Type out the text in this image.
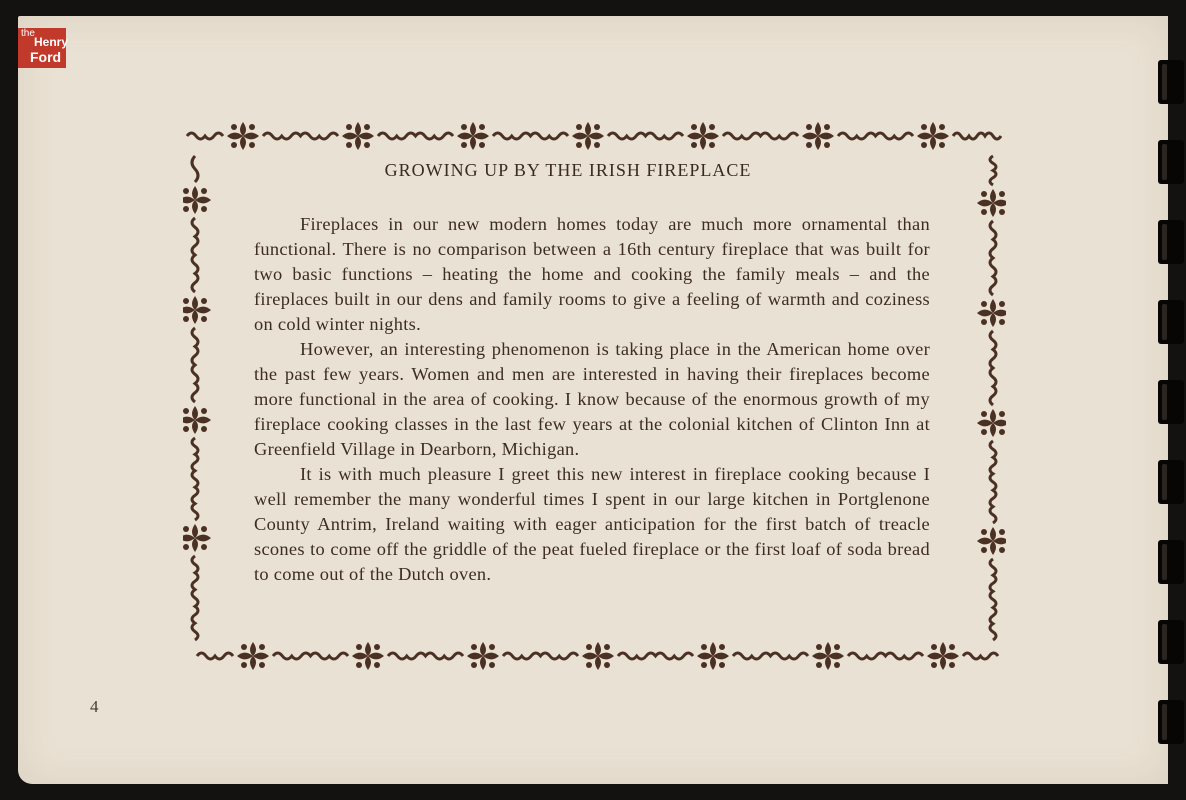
the
Henry
Ford
GROWING UP BY THE IRISH FIREPLACE

Fireplaces in our new modern homes today are much more ornamental than functional. There is no comparison between a 16th century fireplace that was built for two basic functions – heating the home and cooking the family meals – and the fireplaces built in our dens and family rooms to give a feeling of warmth and coziness on cold winter nights.

However, an interesting phenomenon is taking place in the American home over the past few years. Women and men are interested in having their fireplaces become more functional in the area of cooking. I know because of the enormous growth of my fireplace cooking classes in the last few years at the colonial kitchen of Clinton Inn at Greenfield Village in Dearborn, Michigan.

It is with much pleasure I greet this new interest in fireplace cooking because I well remember the many wonderful times I spent in our large kitchen in Portglenone County Antrim, Ireland waiting with eager anticipation for the first batch of treacle scones to come off the griddle of the peat fueled fireplace or the first loaf of soda bread to come out of the Dutch oven.

4
